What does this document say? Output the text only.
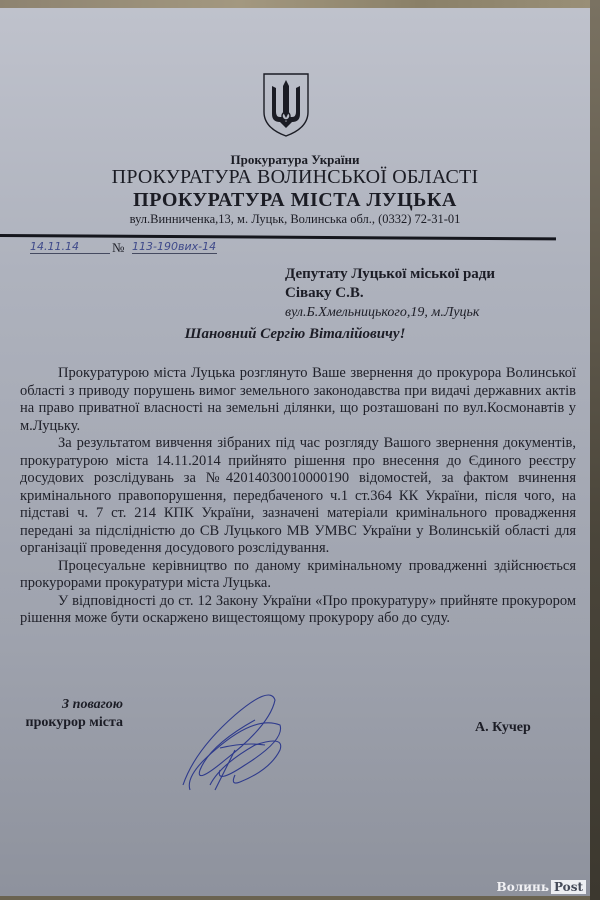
Прокуратура України
ПРОКУРАТУРА ВОЛИНСЬКОЇ ОБЛАСТІ
ПРОКУРАТУРА МІСТА ЛУЦЬКА
вул.Винниченка,13, м. Луцьк, Волинська обл., (0332) 72-31-01
14.11.14	№ 113-190вих-14
Депутату Луцької міської ради
Сіваку С.В.
вул.Б.Хмельницького,19, м.Луцьк
Шановний Сергію Віталійовичу!

Прокуратурою міста Луцька розглянуто Ваше звернення до прокурора Волинської області з приводу порушень вимог земельного законодавства при видачі державних актів на право приватної власності на земельні ділянки, що розташовані по вул.Космонавтів у м.Луцьку.

За результатом вивчення зібраних під час розгляду Вашого звернення документів, прокуратурою міста 14.11.2014 прийнято рішення про внесення до Єдиного реєстру досудових розслідувань за №42014030010000190 відомостей, за фактом вчинення кримінального правопорушення, передбаченого ч.1 ст.364 КК України, після чого, на підставі ч. 7 ст. 214 КПК України, зазначені матеріали кримінального провадження передані за підслідністю до СВ Луцького МВ УМВС України у Волинській області для організації проведення досудового розслідування.

Процесуальне керівництво по даному кримінальному провадженні здійснюється прокурорами прокуратури міста Луцька.

У відповідності до ст. 12 Закону України «Про прокуратуру» прийняте прокурором рішення може бути оскаржено вищестоящому прокурору або до суду.

З повагою
прокурор міста	А. Кучер
Волинь Post
